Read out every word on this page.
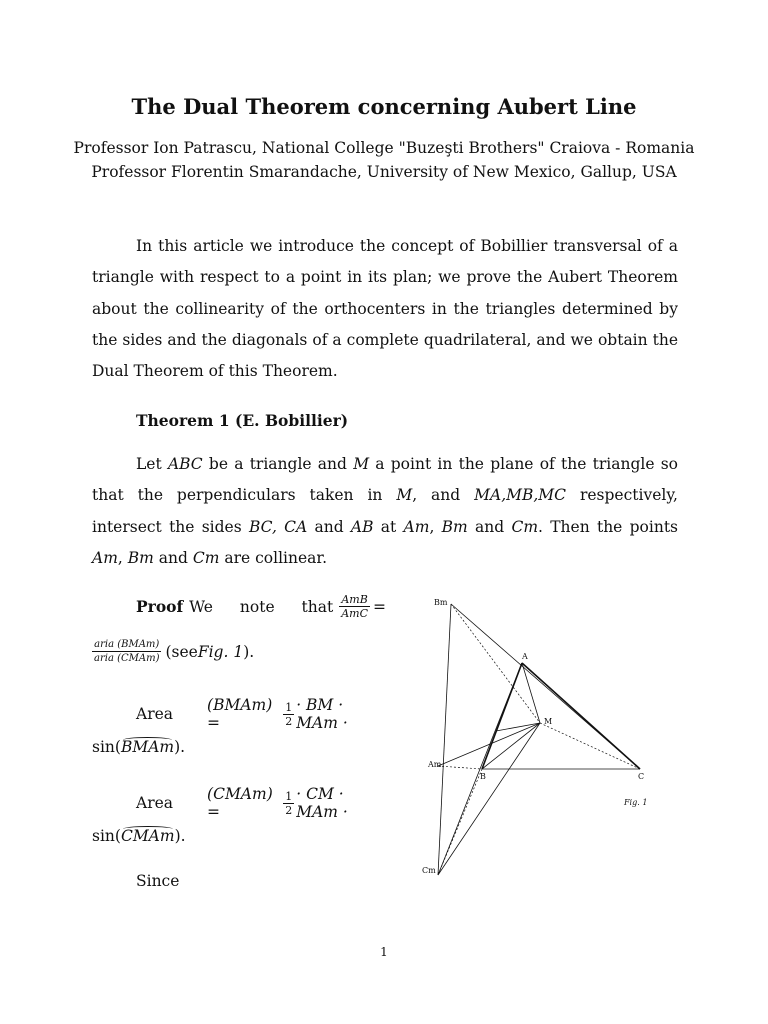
The Dual Theorem concerning Aubert Line
Professor Ion Patrascu, National College "Buzeşti Brothers" Craiova - Romania
Professor Florentin Smarandache, University of New Mexico, Gallup, USA
In this article we introduce the concept of Bobillier transversal of a triangle with respect to a point in its plan; we prove the Aubert Theorem about the collinearity of the orthocenters in the triangles determined by the sides and the diagonals of a complete quadrilateral, and we obtain the Dual Theorem of this Theorem.
Theorem 1 (E. Bobillier)
Let ABC be a triangle and M a point in the plane of the triangle so that the perpendiculars taken in M, and MA,MB,MC respectively, intersect the sides BC, CA and AB at Am, Bm and Cm. Then the points Am, Bm and Cm are collinear.
Proof We note that $\frac{\text{AmB}}{\text{AmC}}$ =
$\frac{\text{aria (BMAm)}}{\text{aria (CMAm)}} (see$ Fig. 1 ).
Area (BMAm) =	$\frac{1}{2}$ · BM · MAm ·
sin(BMAm).
Area (CMAm) =	$\frac{1}{2}$ · CM · MAm ·
sin(CMAm).
Since
Bm
A
M
Am
B	C
Cm
Fig. 1
1
